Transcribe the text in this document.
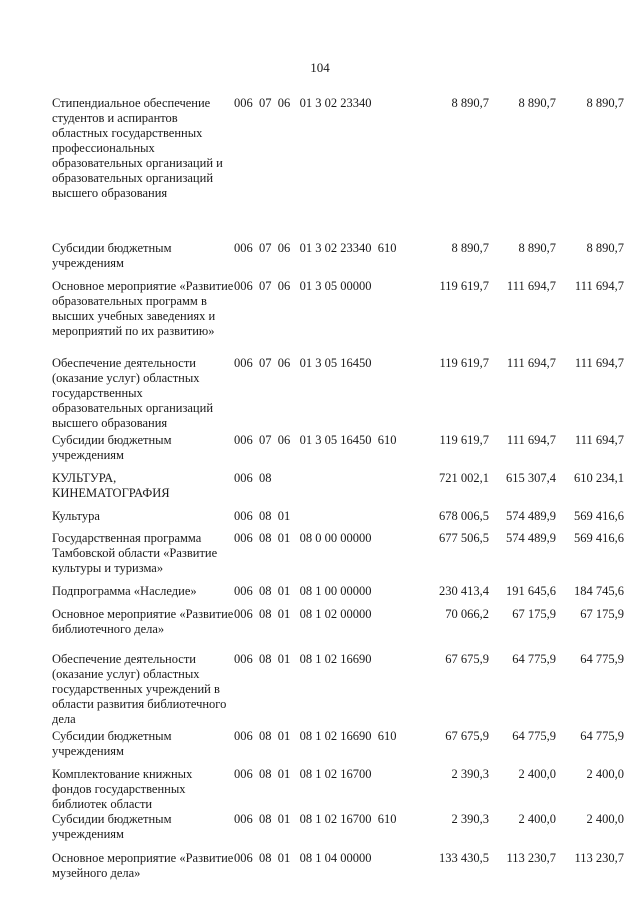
104
Стипендиальное обеспечение студентов и аспирантов областных государственных профессиональных образовательных организаций и образовательных организаций высшего образования	006  07  06   01 3 02 23340	8 890,7	8 890,7	8 890,7
Субсидии бюджетным учреждениям	006  07  06   01 3 02 23340  610	8 890,7	8 890,7	8 890,7
Основное мероприятие «Развитие образовательных программ в высших учебных заведениях и мероприятий по их развитию»	006  07  06   01 3 05 00000	119 619,7	111 694,7	111 694,7
Обеспечение деятельности (оказание услуг) областных государственных образовательных организаций высшего образования	006  07  06   01 3 05 16450	119 619,7	111 694,7	111 694,7
Субсидии бюджетным учреждениям	006  07  06   01 3 05 16450  610	119 619,7	111 694,7	111 694,7
КУЛЬТУРА, КИНЕМАТОГРАФИЯ	006  08	721 002,1	615 307,4	610 234,1
Культура	006  08  01	678 006,5	574 489,9	569 416,6
Государственная программа Тамбовской области «Развитие культуры и туризма»	006  08  01   08 0 00 00000	677 506,5	574 489,9	569 416,6
Подпрограмма «Наследие»	006  08  01   08 1 00 00000	230 413,4	191 645,6	184 745,6
Основное мероприятие «Развитие библиотечного дела»	006  08  01   08 1 02 00000	70 066,2	67 175,9	67 175,9
Обеспечение деятельности (оказание услуг) областных государственных учреждений в области развития библиотечного дела	006  08  01   08 1 02 16690	67 675,9	64 775,9	64 775,9
Субсидии бюджетным учреждениям	006  08  01   08 1 02 16690  610	67 675,9	64 775,9	64 775,9
Комплектование книжных фондов государственных библиотек области	006  08  01   08 1 02 16700	2 390,3	2 400,0	2 400,0
Субсидии бюджетным учреждениям	006  08  01   08 1 02 16700  610	2 390,3	2 400,0	2 400,0
Основное мероприятие «Развитие музейного дела»	006  08  01   08 1 04 00000	133 430,5	113 230,7	113 230,7
